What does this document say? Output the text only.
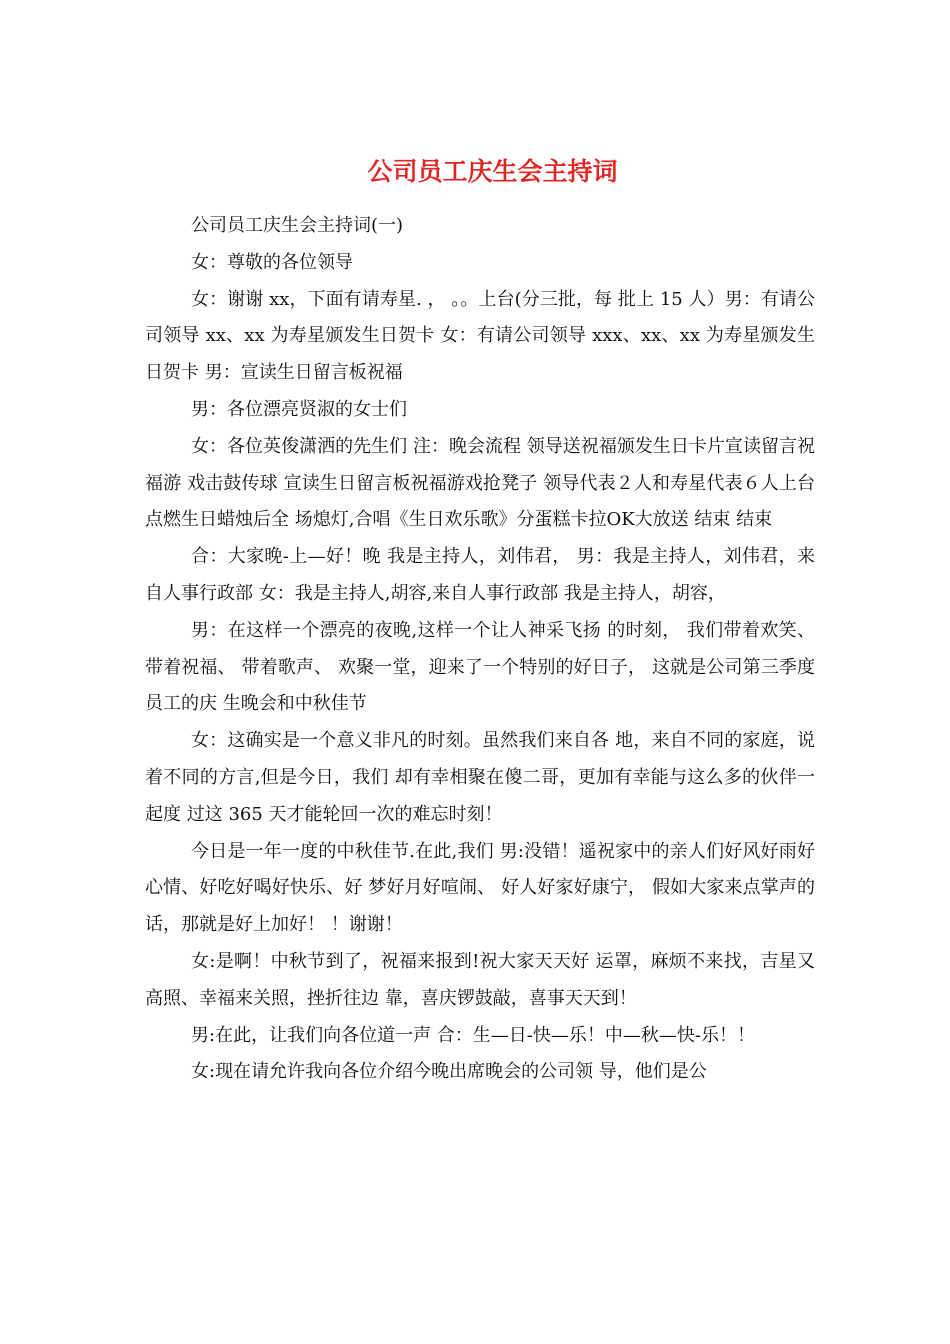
公司员工庆生会主持词

公司员工庆生会主持词(一)

女：尊敬的各位领导

女：谢谢 xx，下面有请寿星. ， 。。上台(分三批，每 批上 15 人）男：有请公司领导 xx、xx 为寿星颁发生日贺卡 女：有请公司领导 xxx、xx、xx 为寿星颁发生日贺卡 男：宣读生日留言板祝福

男：各位漂亮贤淑的女士们

女：各位英俊潇洒的先生们 注：晚会流程 领导送祝福颁发生日卡片宣读留言祝福游 戏击鼓传球 宣读生日留言板祝福游戏抢凳子 领导代表２人和寿星代表６人上台点燃生日蜡烛后全 场熄灯,合唱《生日欢乐歌》分蛋糕卡拉OK大放送 结束 结束

合：大家晚-上—好！晚 我是主持人，刘伟君， 男：我是主持人，刘伟君，来自人事行政部 女：我是主持人,胡容,来自人事行政部 我是主持人，胡容，

男：在这样一个漂亮的夜晚,这样一个让人神采飞扬 的时刻， 我们带着欢笑、 带着祝福、 带着歌声、 欢聚一堂，迎来了一个特别的好日子， 这就是公司第三季度员工的庆 生晚会和中秋佳节

女：这确实是一个意义非凡的时刻。虽然我们来自各 地，来自不同的家庭，说着不同的方言,但是今日，我们 却有幸相聚在傻二哥，更加有幸能与这么多的伙伴一起度 过这 365 天才能轮回一次的难忘时刻！

今日是一年一度的中秋佳节.在此,我们 男:没错！遥祝家中的亲人们好风好雨好心情、好吃好喝好快乐、好 梦好月好喧闹、 好人好家好康宁， 假如大家来点掌声的话，那就是好上加好！ ！谢谢！

女:是啊！中秋节到了，祝福来报到!祝大家天天好 运罩，麻烦不来找，吉星又高照、幸福来关照，挫折往边 靠，喜庆锣鼓敲，喜事天天到！

男:在此，让我们向各位道一声 合：生—日-快—乐！中—秋—快-乐！！

女:现在请允许我向各位介绍今晚出席晚会的公司领 导，他们是公
